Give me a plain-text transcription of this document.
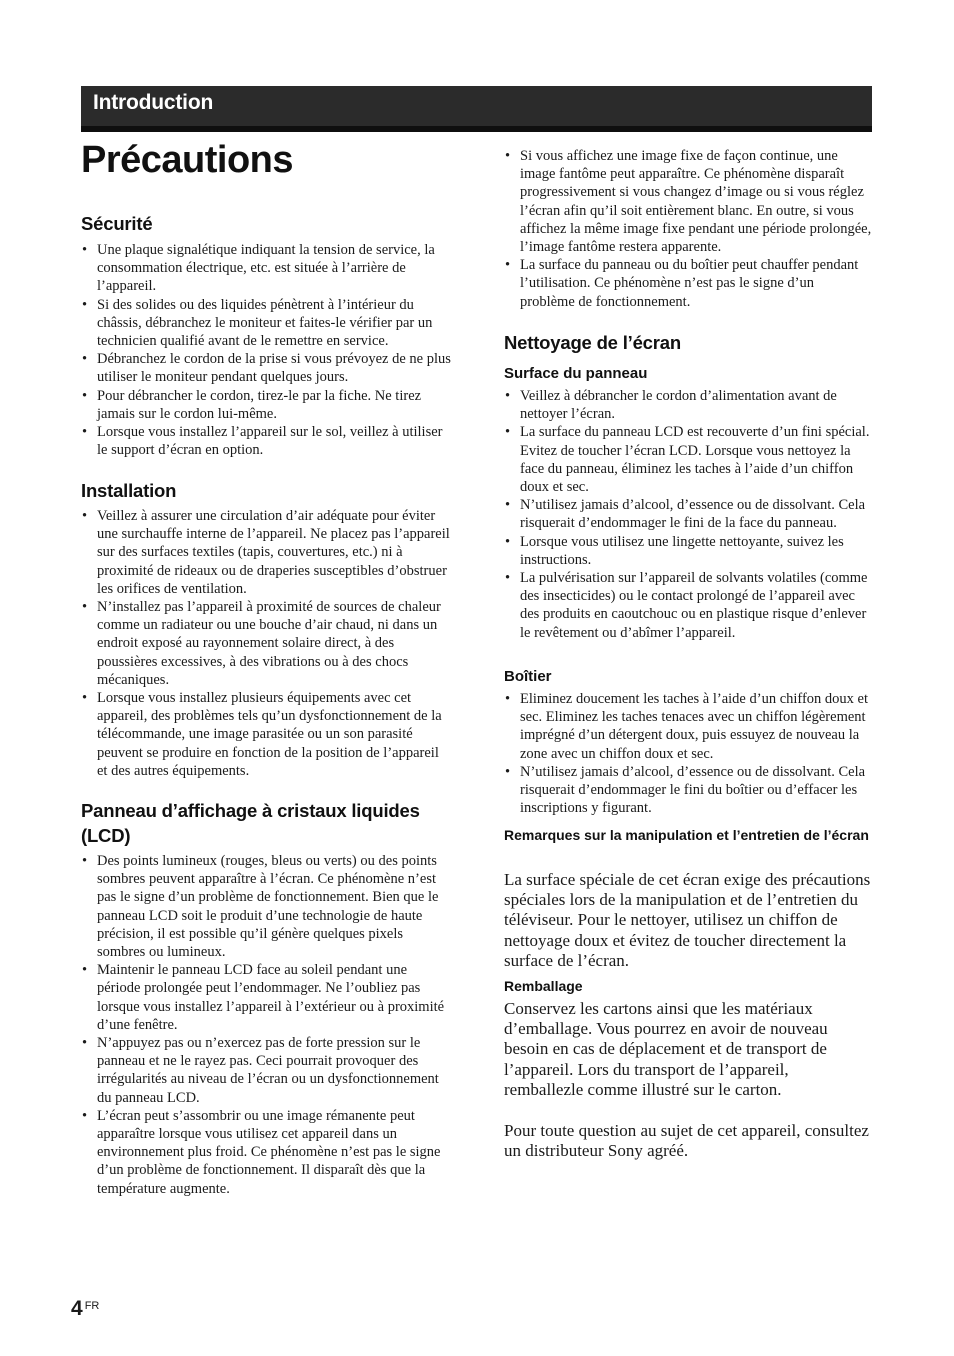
Introduction
Précautions
Sécurité
• Une plaque signalétique indiquant la tension de service, la consommation électrique, etc. est située à l’arrière de l’appareil.
• Si des solides ou des liquides pénètrent à l’intérieur du châssis, débranchez le moniteur et faites-le vérifier par un technicien qualifié avant de le remettre en service.
• Débranchez le cordon de la prise si vous prévoyez de ne plus utiliser le moniteur pendant quelques jours.
• Pour débrancher le cordon, tirez-le par la fiche. Ne tirez jamais sur le cordon lui-même.
• Lorsque vous installez l’appareil sur le sol, veillez à utiliser le support d’écran en option.
Installation
• Veillez à assurer une circulation d’air adéquate pour éviter une surchauffe interne de l’appareil. Ne placez pas l’appareil sur des surfaces textiles (tapis, couvertures, etc.) ni à proximité de rideaux ou de draperies susceptibles d’obstruer les orifices de ventilation.
• N’installez pas l’appareil à proximité de sources de chaleur comme un radiateur ou une bouche d’air chaud, ni dans un endroit exposé au rayonnement solaire direct, à des poussières excessives, à des vibrations ou à des chocs mécaniques.
• Lorsque vous installez plusieurs équipements avec cet appareil, des problèmes tels qu’un dysfonctionnement de la télécommande, une image parasitée ou un son parasité peuvent se produire en fonction de la position de l’appareil et des autres équipements.
Panneau d’affichage à cristaux liquides
(LCD)
• Des points lumineux (rouges, bleus ou verts) ou des points sombres peuvent apparaître à l’écran. Ce phénomène n’est pas le signe d’un problème de fonctionnement. Bien que le panneau LCD soit le produit d’une technologie de haute précision, il est possible qu’il génère quelques pixels sombres ou lumineux.
• Maintenir le panneau LCD face au soleil pendant une période prolongée peut l’endommager. Ne l’oubliez pas lorsque vous installez l’appareil à l’extérieur ou à proximité d’une fenêtre.
• N’appuyez pas ou n’exercez pas de forte pression sur le panneau et ne le rayez pas. Ceci pourrait provoquer des irrégularités au niveau de l’écran ou un dysfonctionnement du panneau LCD.
• L’écran peut s’assombrir ou une image rémanente peut apparaître lorsque vous utilisez cet appareil dans un environnement plus froid. Ce phénomène n’est pas le signe d’un problème de fonctionnement. Il disparaît dès que la température augmente.
• Si vous affichez une image fixe de façon continue, une image fantôme peut apparaître. Ce phénomène disparaît progressivement si vous changez d’image ou si vous réglez l’écran afin qu’il soit entièrement blanc. En outre, si vous affichez la même image fixe pendant une période prolongée, l’image fantôme restera apparente.
• La surface du panneau ou du boîtier peut chauffer pendant l’utilisation. Ce phénomène n’est pas le signe d’un problème de fonctionnement.
Nettoyage de l’écran
Surface du panneau
• Veillez à débrancher le cordon d’alimentation avant de nettoyer l’écran.
• La surface du panneau LCD est recouverte d’un fini spécial. Evitez de toucher l’écran LCD. Lorsque vous nettoyez la face du panneau, éliminez les taches à l’aide d’un chiffon doux et sec.
• N’utilisez jamais d’alcool, d’essence ou de dissolvant. Cela risquerait d’endommager le fini de la face du panneau.
• Lorsque vous utilisez une lingette nettoyante, suivez les instructions.
• La pulvérisation sur l’appareil de solvants volatiles (comme des insecticides) ou le contact prolongé de l’appareil avec des produits en caoutchouc ou en plastique risque d’enlever le revêtement ou d’abîmer l’appareil.
Boîtier
• Eliminez doucement les taches à l’aide d’un chiffon doux et sec. Eliminez les taches tenaces avec un chiffon légèrement imprégné d’un détergent doux, puis essuyez de nouveau la zone avec un chiffon doux et sec.
• N’utilisez jamais d’alcool, d’essence ou de dissolvant. Cela risquerait d’endommager le fini du boîtier ou d’effacer les inscriptions y figurant.
Remarques sur la manipulation et l’entretien de l’écran

La surface spéciale de cet écran exige des précautions spéciales lors de la manipulation et de l’entretien du téléviseur. Pour le nettoyer, utilisez un chiffon de nettoyage doux et évitez de toucher directement la surface de l’écran.

Remballage

Conservez les cartons ainsi que les matériaux d’emballage. Vous pourrez en avoir de nouveau besoin en cas de déplacement et de transport de l’appareil. Lors du transport de l’appareil, remballezle comme illustré sur le carton.

Pour toute question au sujet de cet appareil, consultez un distributeur Sony agréé.

4 $^{FR}$
